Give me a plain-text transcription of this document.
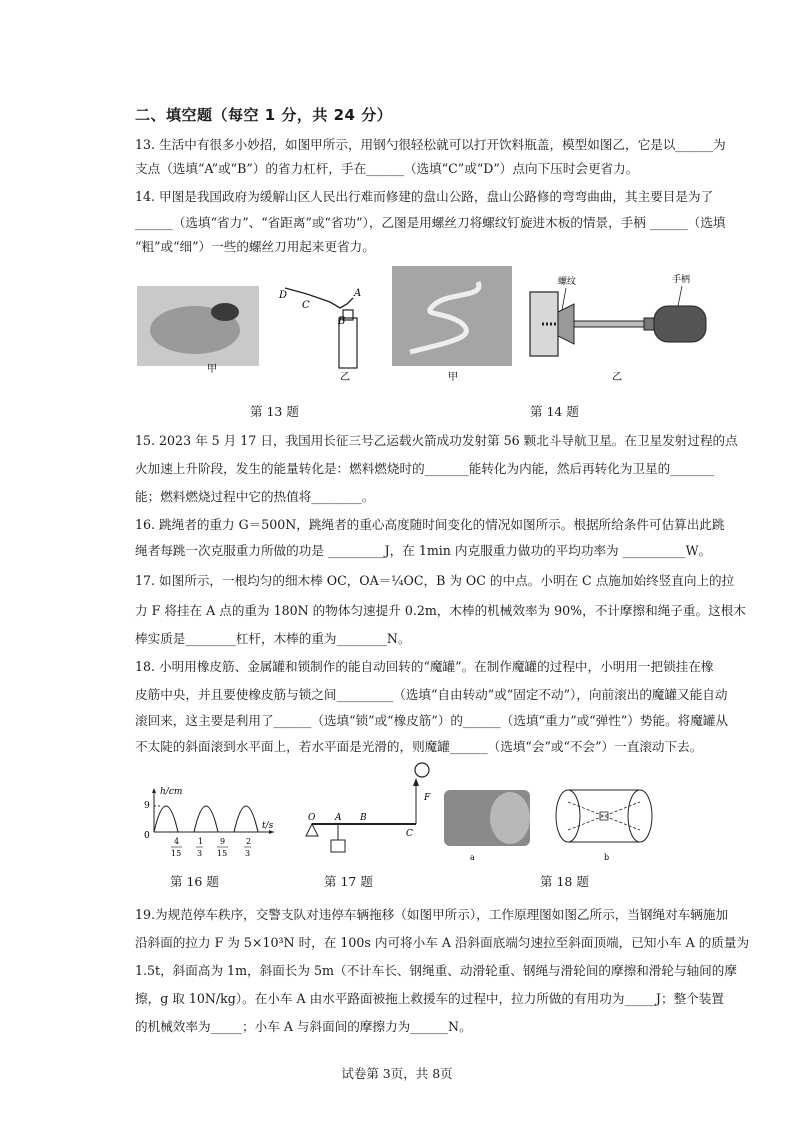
二、填空题（每空 1 分，共 24 分）
13. 生活中有很多小妙招，如图甲所示，用钢勺很轻松就可以打开饮料瓶盖，模型如图乙，它是以______为
支点（选填“A”或“B”）的省力杠杆，手在______（选填“C”或“D”）点向下压时会更省力。
14. 甲图是我国政府为缓解山区人民出行难而修建的盘山公路，盘山公路修的弯弯曲曲，其主要目是为了
______（选填“省力”、“省距离”或“省功”），乙图是用螺丝刀将螺纹钉旋进木板的情景，手柄 ______（选填
“粗”或“细”）一些的螺丝刀用起来更省力。
甲
D
C
B
A
乙	甲
螺纹	手柄
乙
第 13 题	第 14 题
15. 2023 年 5 月 17 日，我国用长征三号乙运载火箭成功发射第 56 颗北斗导航卫星。在卫星发射过程的点
火加速上升阶段，发生的能量转化是：燃料燃烧时的_______能转化为内能，然后再转化为卫星的_______
能；燃料燃烧过程中它的热值将________。
16. 跳绳者的重力 G＝500N，跳绳者的重心高度随时间变化的情况如图所示。根据所给条件可估算出此跳
绳者每跳一次克服重力所做的功是 _________J，在 1min 内克服重力做功的平均功率为 __________W。
17. 如图所示，一根均匀的细木棒 OC，OA＝¼OC，B 为 OC 的中点。小明在 C 点施加始终竖直向上的拉
力 F 将挂在 A 点的重为 180N 的物体匀速提升 0.2m，木棒的机械效率为 90%，不计摩擦和绳子重。这根木
棒实质是________杠杆，木棒的重为________N。
18. 小明用橡皮筋、金属罐和锁制作的能自动回转的“魔罐”。在制作魔罐的过程中，小明用一把锁挂在橡
皮筋中央，并且要使橡皮筋与锁之间_________（选填“自由转动”或“固定不动”），向前滚出的魔罐又能自动
滚回来，这主要是利用了______（选填“锁”或“橡皮筋”）的______（选填“重力”或“弹性”）势能。将魔罐从
不太陡的斜面滚到水平面上，若水平面是光滑的，则魔罐______（选填“会”或“不会”）一直滚动下去。
h/cm
9
0
t/s
4
15
1
3
9
15
2
3
F
O A B
C
a	b
第 16 题	第 17 题	第 18 题
19.为规范停车秩序，交警支队对违停车辆拖移（如图甲所示），工作原理图如图乙所示，当钢绳对车辆施加
沿斜面的拉力 F 为 5×10³N 时，在 100s 内可将小车 A 沿斜面底端匀速拉至斜面顶端，已知小车 A 的质量为
1.5t，斜面高为 1m，斜面长为 5m（不计车长、钢绳重、动滑轮重、钢绳与滑轮间的摩擦和滑轮与轴间的摩
擦，g 取 10N/kg）。在小车 A 由水平路面被拖上救援车的过程中，拉力所做的有用功为_____J；整个装置
的机械效率为_____；小车 A 与斜面间的摩擦力为______N。
试卷第 3页，共 8页
